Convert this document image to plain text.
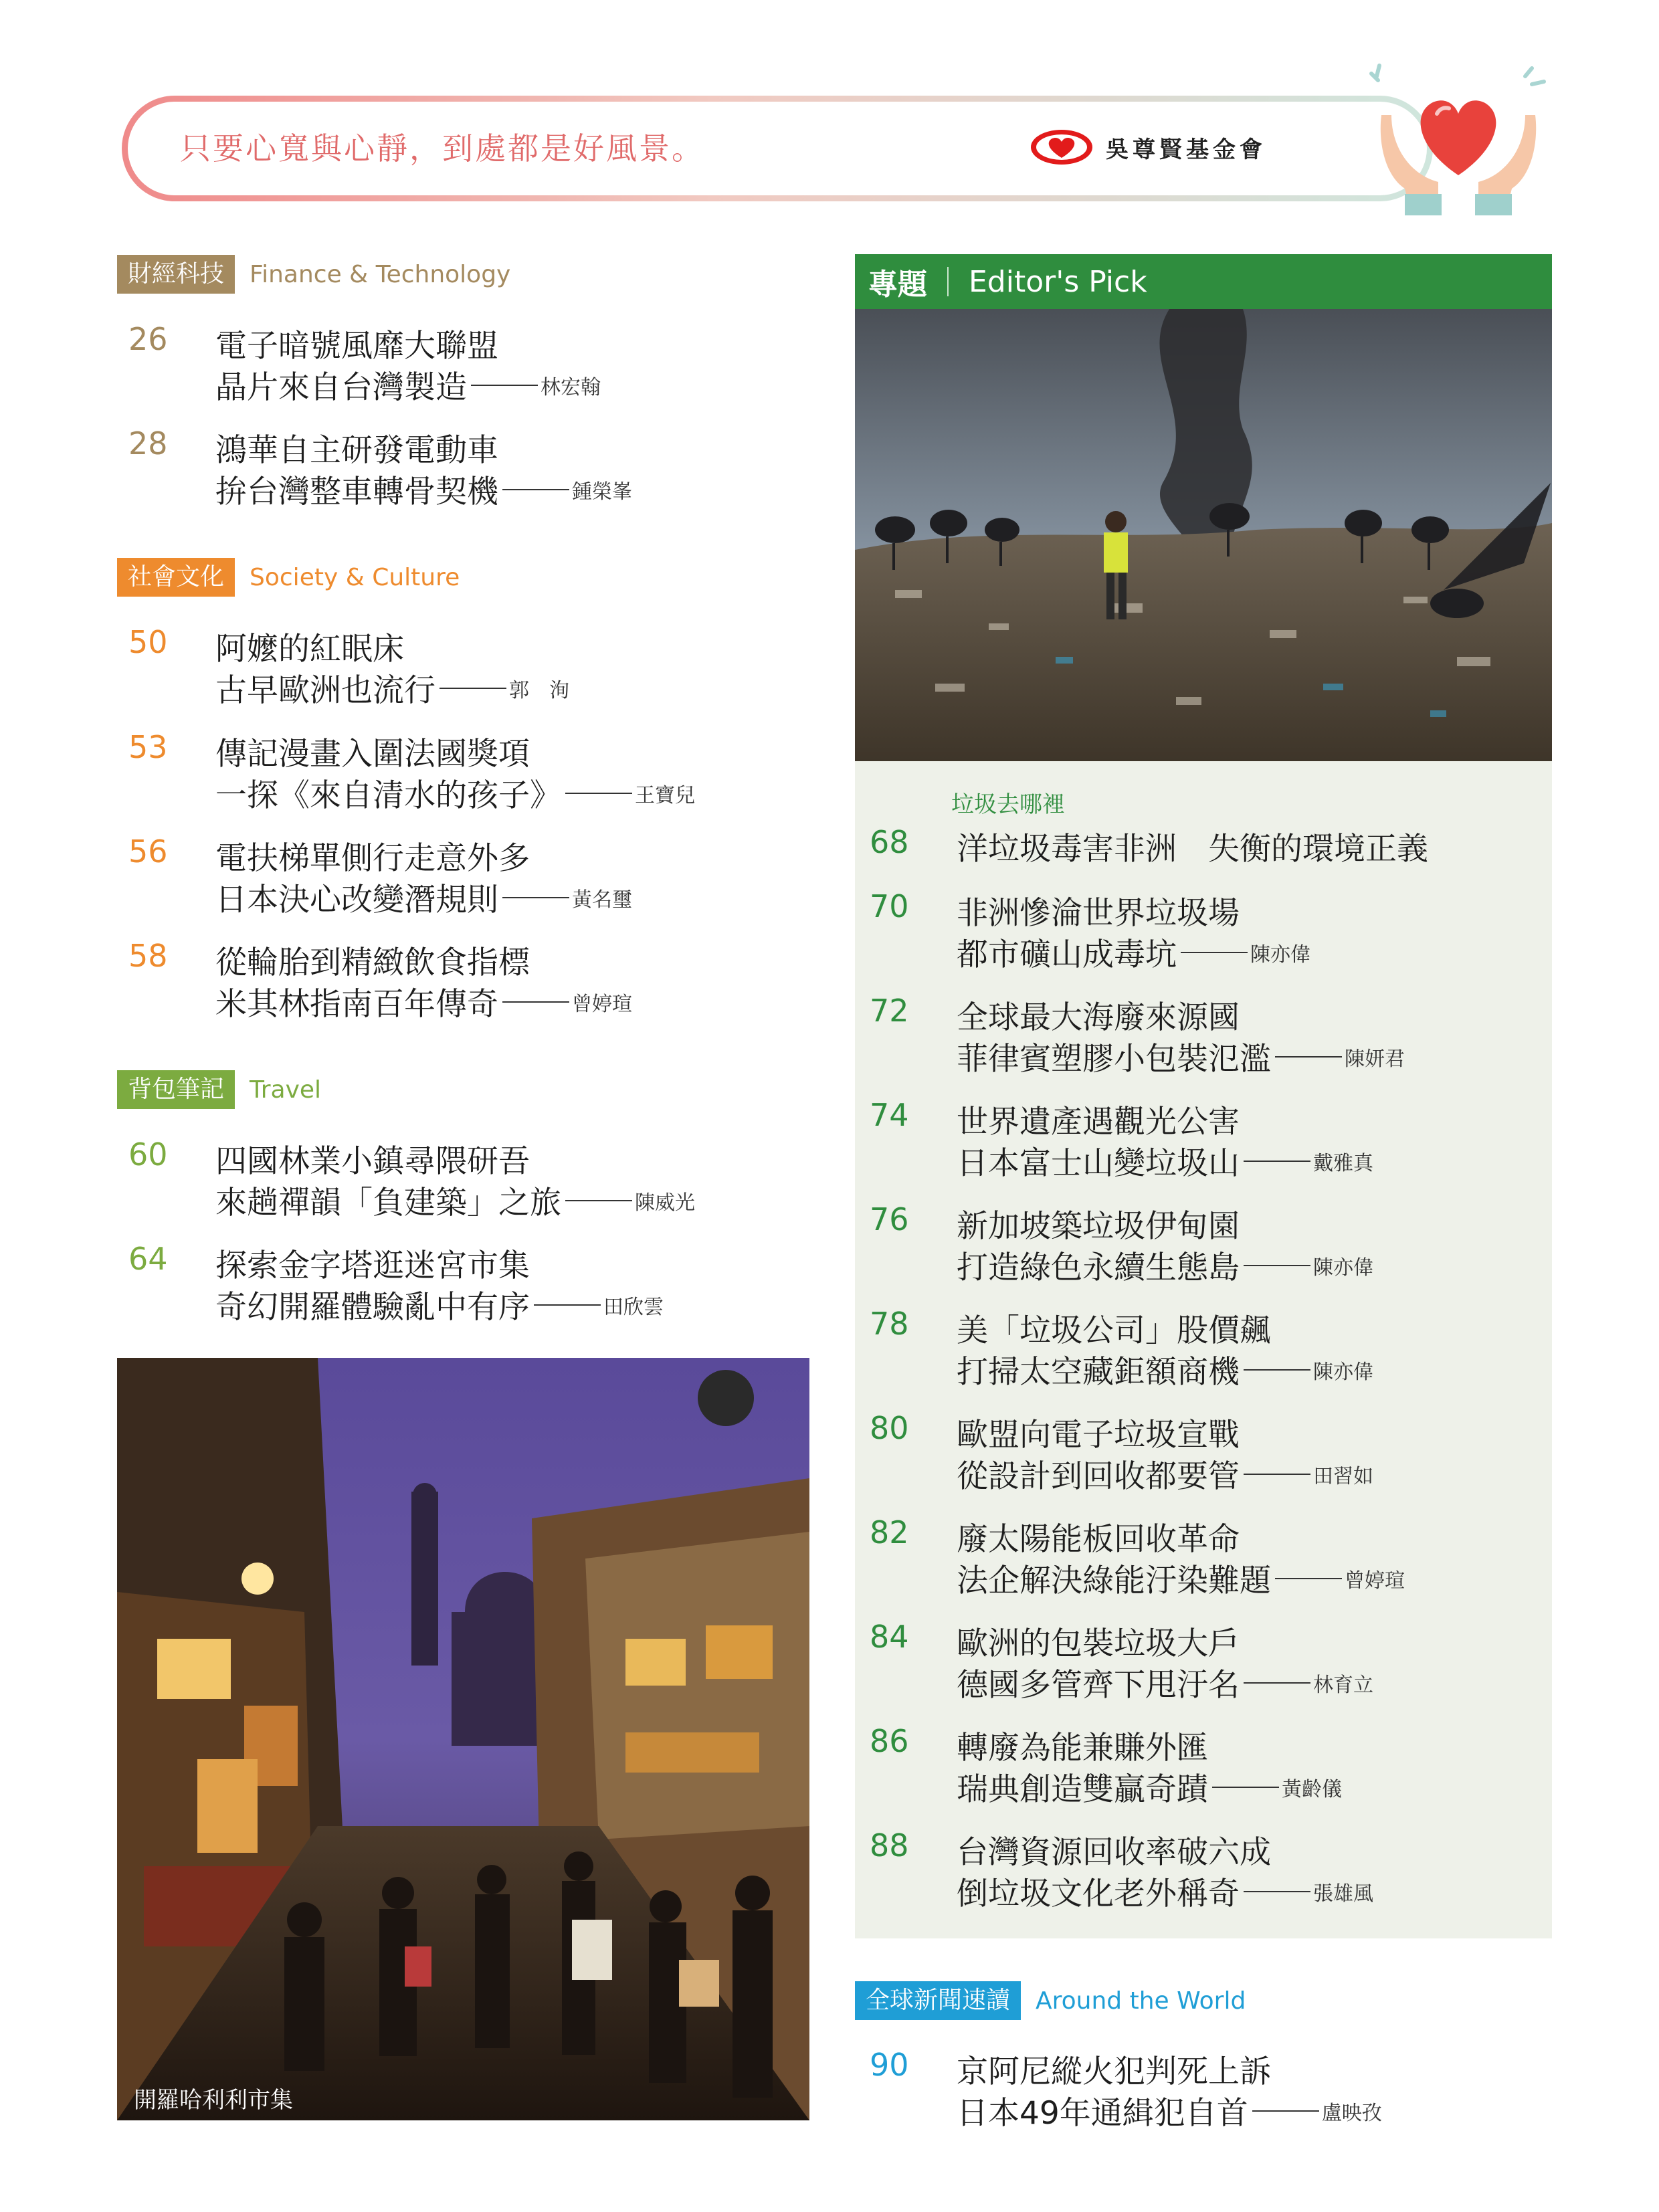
只要心寬與心靜，到處都是好風景。	吳尊賢基金會
財經科技	Finance & Technology
26 電子暗號風靡大聯盟
晶片來自台灣製造	林宏翰
28 鴻華自主研發電動車
拚台灣整車轉骨契機	鍾榮峯
社會文化	Society & Culture
50 阿嬤的紅眠床
古早歐洲也流行	郭　洵
53 傳記漫畫入圍法國獎項
一探《來自清水的孩子》	王寶兒
56 電扶梯單側行走意外多
日本決心改變潛規則	黃名璽
58 從輪胎到精緻飲食指標
米其林指南百年傳奇	曾婷瑄
背包筆記	Travel
60 四國林業小鎮尋隈研吾
來趟禪韻「負建築」之旅	陳威光
64 探索金字塔逛迷宮市集
奇幻開羅體驗亂中有序	田欣雲
開羅哈利利市集
專題 Editor's Pick
垃圾去哪裡
68 洋垃圾毒害非洲　失衡的環境正義
70 非洲慘淪世界垃圾場
都市礦山成毒坑	陳亦偉
72 全球最大海廢來源國
菲律賓塑膠小包裝氾濫	陳妍君
74 世界遺產遇觀光公害
日本富士山變垃圾山	戴雅真
76 新加坡築垃圾伊甸園
打造綠色永續生態島	陳亦偉
78 美「垃圾公司」股價飆
打掃太空藏鉅額商機	陳亦偉
80 歐盟向電子垃圾宣戰
從設計到回收都要管	田習如
82 廢太陽能板回收革命
法企解決綠能汙染難題	曾婷瑄
84 歐洲的包裝垃圾大戶
德國多管齊下甩汙名	林育立
86 轉廢為能兼賺外匯
瑞典創造雙贏奇蹟	黃齡儀
88 台灣資源回收率破六成
倒垃圾文化老外稱奇	張雄風
全球新聞速讀	Around the World
90 京阿尼縱火犯判死上訴
日本49年通緝犯自首	盧映孜
